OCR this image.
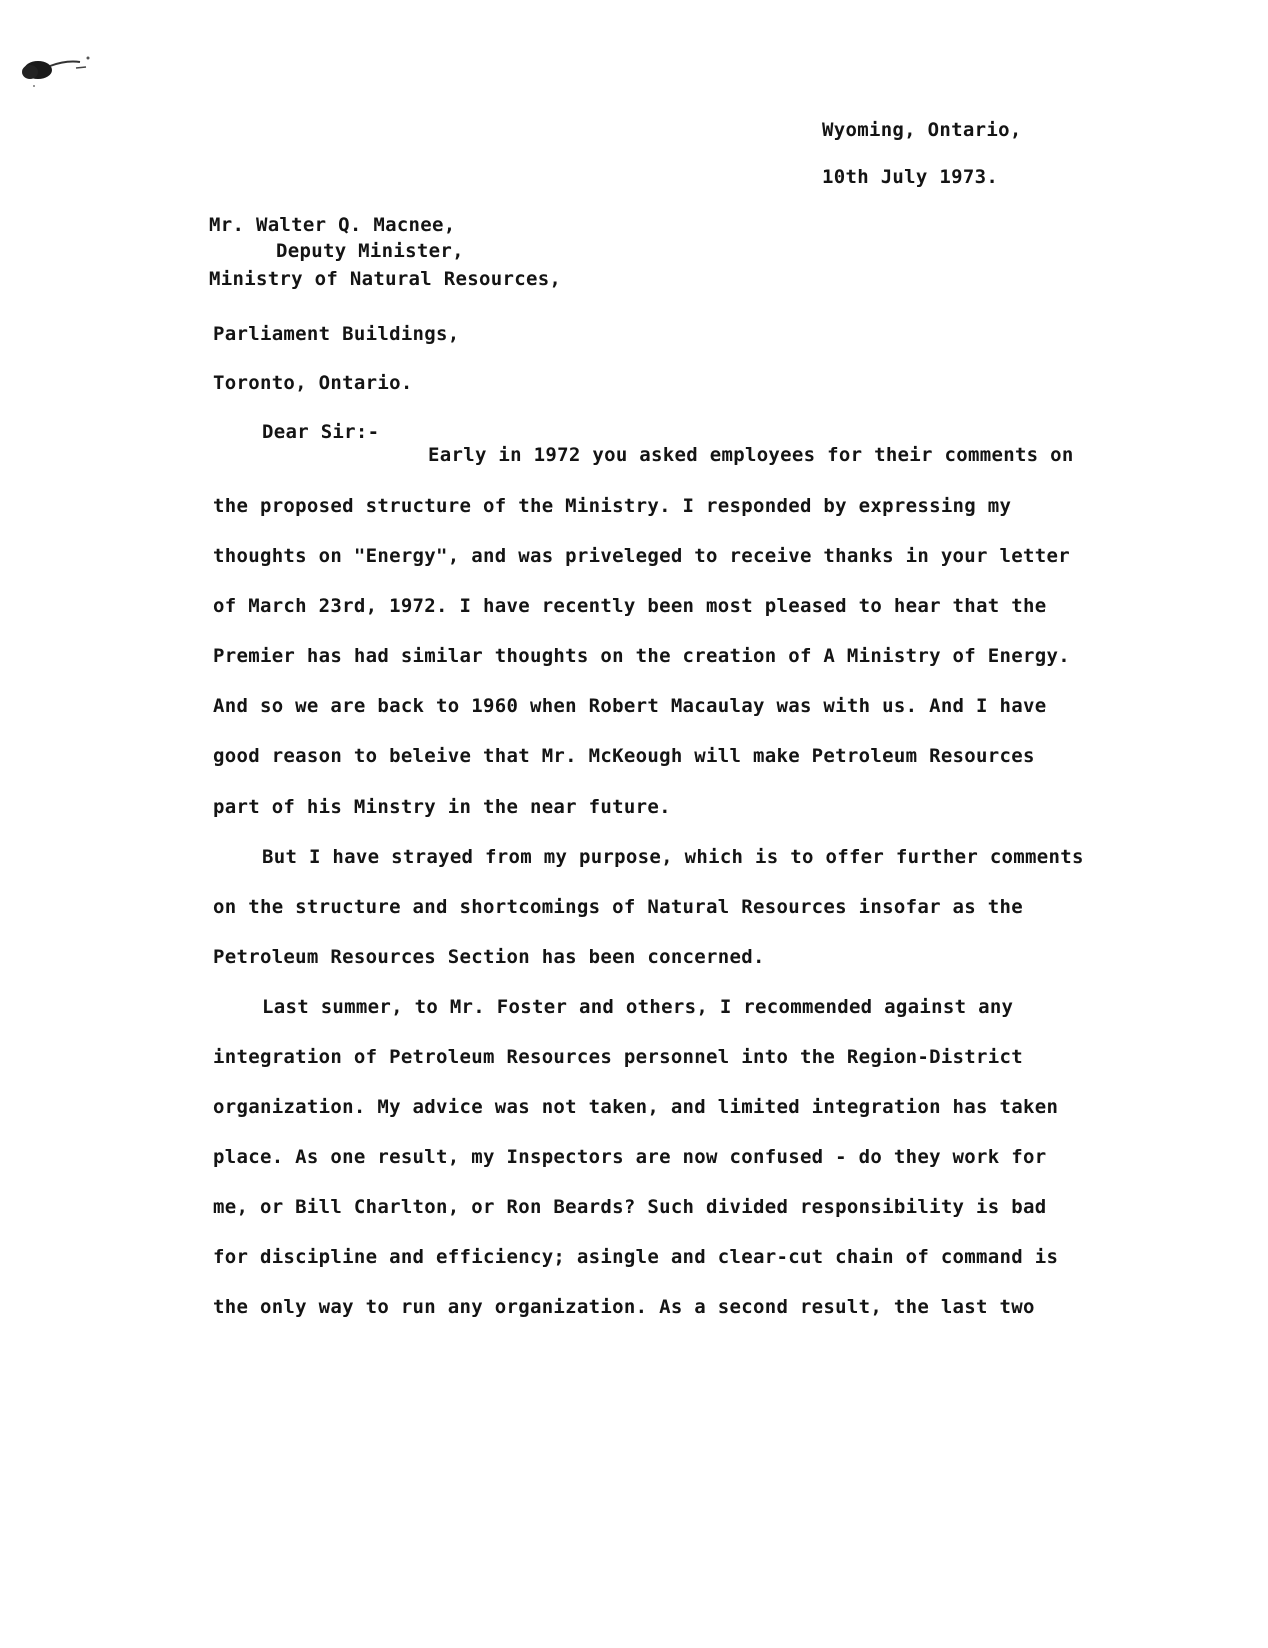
Wyoming, Ontario,
10th July 1973.
Mr. Walter Q. Macnee,
Deputy Minister,
Ministry of Natural Resources,
Parliament Buildings,
Toronto, Ontario.
Dear Sir:-
Early in 1972 you asked employees for their comments on
the proposed structure of the Ministry. I responded by expressing my
thoughts on "Energy", and was priveleged to receive thanks in your letter
of March 23rd, 1972. I have recently been most pleased to hear that the
Premier has had similar thoughts on the creation of A Ministry of Energy.
And so we are back to 1960 when Robert Macaulay was with us. And I have
good reason to beleive that Mr. McKeough will make Petroleum Resources
part of his Minstry in the near future.
But I have strayed from my purpose, which is to offer further comments
on the structure and shortcomings of Natural Resources insofar as the
Petroleum Resources Section has been concerned.
Last summer, to Mr. Foster and others, I recommended against any
integration of Petroleum Resources personnel into the Region-District
organization. My advice was not taken, and limited integration has taken
place. As one result, my Inspectors are now confused - do they work for
me, or Bill Charlton, or Ron Beards? Such divided responsibility is bad
for discipline and efficiency; asingle and clear-cut chain of command is
the only way to run any organization. As a second result, the last two
